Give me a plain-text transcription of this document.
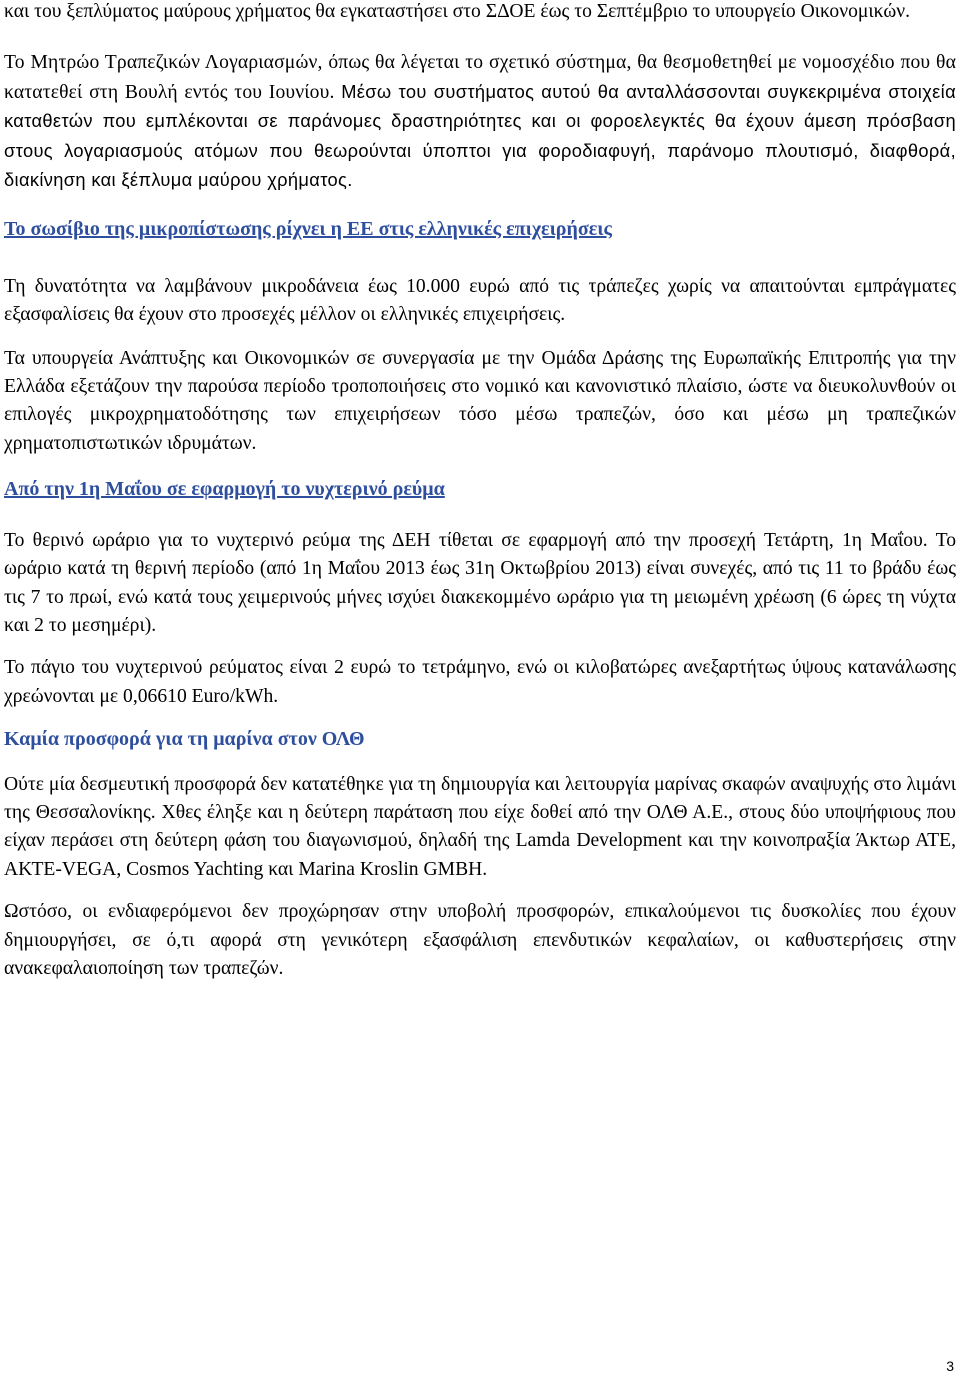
και του ξεπλύματος μαύρους χρήματος θα εγκαταστήσει στο ΣΔΟΕ έως το Σεπτέμβριο το υπουργείο Οικονομικών.

Το Μητρώο Τραπεζικών Λογαριασμών, όπως θα λέγεται το σχετικό σύστημα, θα θεσμοθετηθεί με νομοσχέδιο που θα κατατεθεί στη Βουλή εντός του Ιουνίου. Μέσω του συστήματος αυτού θα ανταλλάσσονται συγκεκριμένα στοιχεία καταθετών που εμπλέκονται σε παράνομες δραστηριότητες και οι φοροελεγκτές θα έχουν άμεση πρόσβαση στους λογαριασμούς ατόμων που θεωρούνται ύποπτοι για φοροδιαφυγή, παράνομο πλουτισμό, διαφθορά, διακίνηση και ξέπλυμα μαύρου χρήματος.

Το σωσίβιο της μικροπίστωσης ρίχνει η ΕΕ στις ελληνικές επιχειρήσεις

Τη δυνατότητα να λαμβάνουν μικροδάνεια έως 10.000 ευρώ από τις τράπεζες χωρίς να απαιτούνται εμπράγματες εξασφαλίσεις θα έχουν στο προσεχές μέλλον οι ελληνικές επιχειρήσεις.

Τα υπουργεία Ανάπτυξης και Οικονομικών σε συνεργασία με την Ομάδα Δράσης της Ευρωπαϊκής Επιτροπής για την Ελλάδα εξετάζουν την παρούσα περίοδο τροποποιήσεις στο νομικό και κανονιστικό πλαίσιο, ώστε να διευκολυνθούν οι επιλογές μικροχρηματοδότησης των επιχειρήσεων τόσο μέσω τραπεζών, όσο και μέσω μη τραπεζικών χρηματοπιστωτικών ιδρυμάτων.

Από την 1η Μαΐου σε εφαρμογή το νυχτερινό ρεύμα

Το θερινό ωράριο για το νυχτερινό ρεύμα της ΔΕΗ τίθεται σε εφαρμογή από την προσεχή Τετάρτη, 1η Μαΐου. Το ωράριο κατά τη θερινή περίοδο (από 1η Μαΐου 2013 έως 31η Οκτωβρίου 2013) είναι συνεχές, από τις 11 το βράδυ έως τις 7 το πρωί, ενώ κατά τους χειμερινούς μήνες ισχύει διακεκομμένο ωράριο για τη μειωμένη χρέωση (6 ώρες τη νύχτα και 2 το μεσημέρι).

Το πάγιο του νυχτερινού ρεύματος είναι 2 ευρώ το τετράμηνο, ενώ οι κιλοβατώρες ανεξαρτήτως ύψους κατανάλωσης χρεώνονται με 0,06610 Euro/kWh.

Καμία προσφορά για τη μαρίνα στον ΟΛΘ

Ούτε μία δεσμευτική προσφορά δεν κατατέθηκε για τη δημιουργία και λειτουργία μαρίνας σκαφών αναψυχής στο λιμάνι της Θεσσαλονίκης. Χθες έληξε και η δεύτερη παράταση που είχε δοθεί από την ΟΛΘ Α.Ε., στους δύο υποψήφιους που είχαν περάσει στη δεύτερη φάση του διαγωνισμού, δηλαδή της Lamda Development και την κοινοπραξία Άκτωρ ΑΤΕ, ΑΚΤΕ-VEGA, Cosmos Yachting και Marina Kroslin GMBH.

Ωστόσο, οι ενδιαφερόμενοι δεν προχώρησαν στην υποβολή προσφορών, επικαλούμενοι τις δυσκολίες που έχουν δημιουργήσει, σε ό,τι αφορά στη γενικότερη εξασφάλιση επενδυτικών κεφαλαίων, οι καθυστερήσεις στην ανακεφαλαιοποίηση των τραπεζών.

3
